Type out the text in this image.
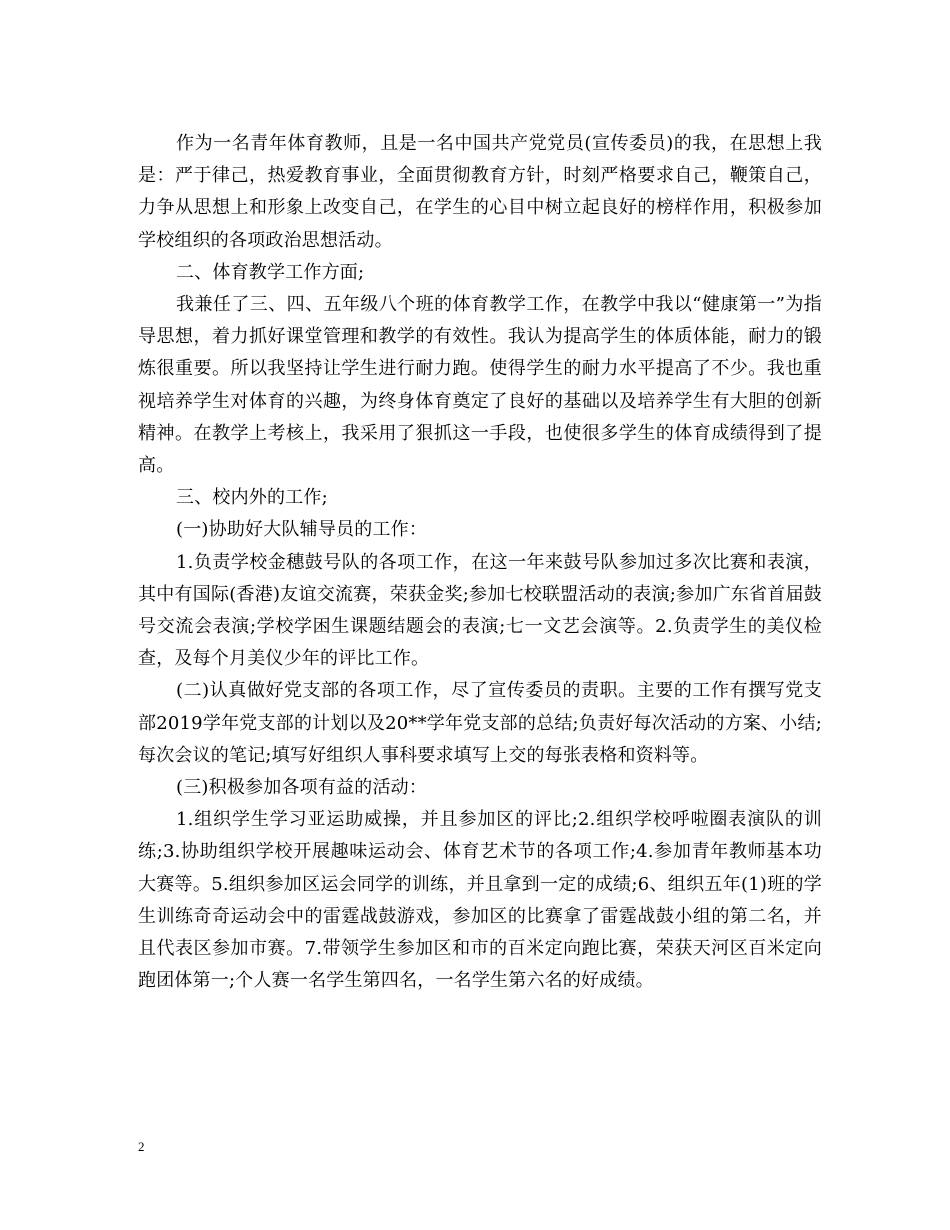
作为一名青年体育教师，且是一名中国共产党党员(宣传委员)的我，在思想上我是：严于律己，热爱教育事业，全面贯彻教育方针，时刻严格要求自己，鞭策自己，力争从思想上和形象上改变自己，在学生的心目中树立起良好的榜样作用，积极参加学校组织的各项政治思想活动。

二、体育教学工作方面;

我兼任了三、四、五年级八个班的体育教学工作，在教学中我以“健康第一”为指导思想，着力抓好课堂管理和教学的有效性。我认为提高学生的体质体能，耐力的锻炼很重要。所以我坚持让学生进行耐力跑。使得学生的耐力水平提高了不少。我也重视培养学生对体育的兴趣，为终身体育奠定了良好的基础以及培养学生有大胆的创新精神。在教学上考核上，我采用了狠抓这一手段，也使很多学生的体育成绩得到了提高。

三、校内外的工作;

(一)协助好大队辅导员的工作：

1.负责学校金穗鼓号队的各项工作，在这一年来鼓号队参加过多次比赛和表演，其中有国际(香港)友谊交流赛，荣获金奖;参加七校联盟活动的表演;参加广东省首届鼓号交流会表演;学校学困生课题结题会的表演;七一文艺会演等。2.负责学生的美仪检查，及每个月美仪少年的评比工作。

(二)认真做好党支部的各项工作，尽了宣传委员的责职。主要的工作有撰写党支部2019学年党支部的计划以及20**学年党支部的总结;负责好每次活动的方案、小结;每次会议的笔记;填写好组织人事科要求填写上交的每张表格和资料等。

(三)积极参加各项有益的活动：

1.组织学生学习亚运助威操，并且参加区的评比;2.组织学校呼啦圈表演队的训练;3.协助组织学校开展趣味运动会、体育艺术节的各项工作;4.参加青年教师基本功大赛等。5.组织参加区运会同学的训练，并且拿到一定的成绩;6、组织五年(1)班的学生训练奇奇运动会中的雷霆战鼓游戏，参加区的比赛拿了雷霆战鼓小组的第二名，并且代表区参加市赛。7.带领学生参加区和市的百米定向跑比赛，荣获天河区百米定向跑团体第一;个人赛一名学生第四名，一名学生第六名的好成绩。

2
